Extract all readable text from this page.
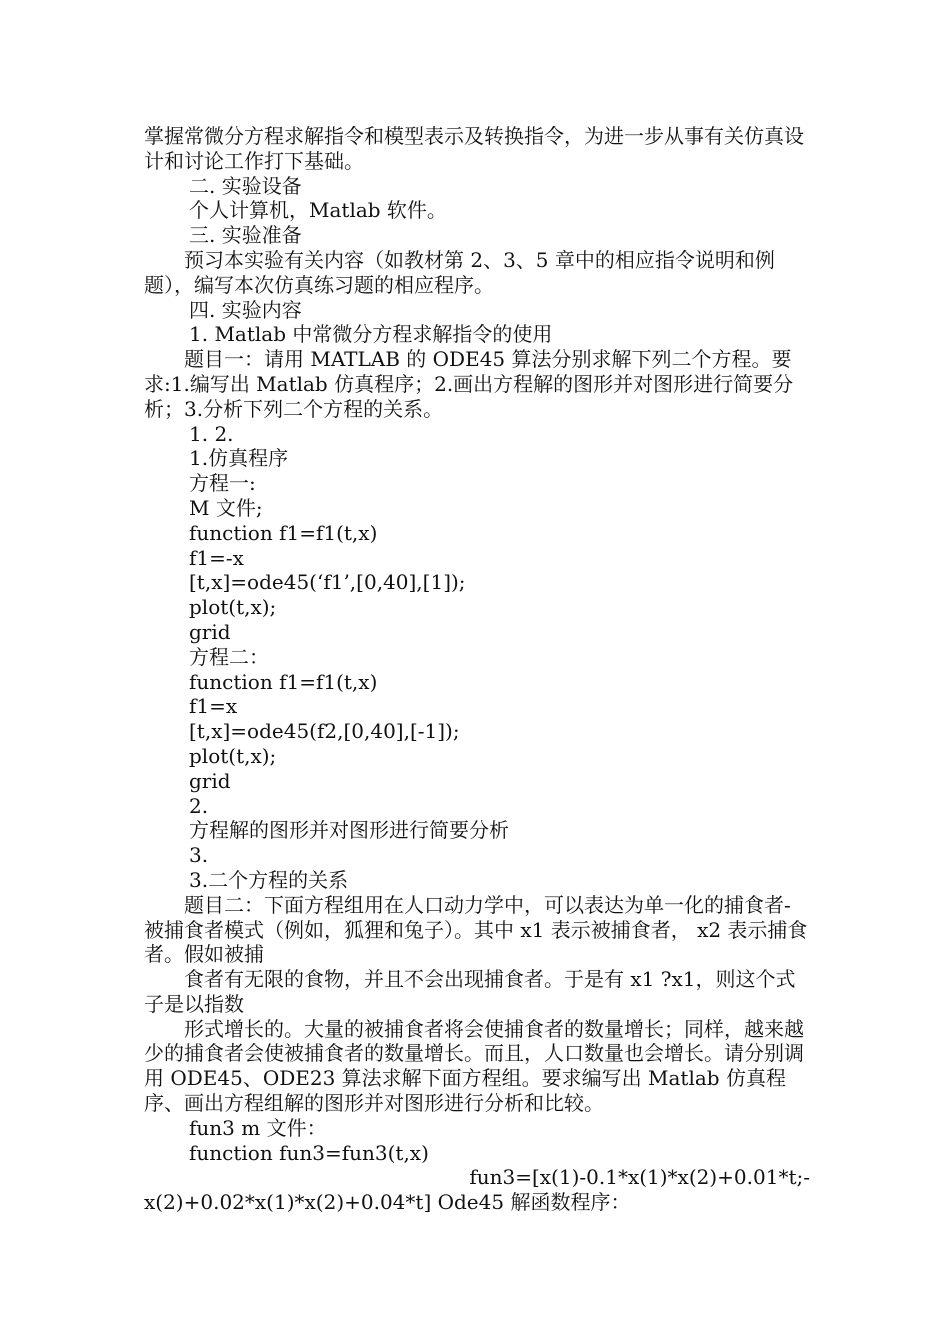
掌握常微分方程求解指令和模型表示及转换指令，为进一步从事有关仿真设计和讨论工作打下基础。

二. 实验设备

个人计算机，Matlab 软件。

三. 实验准备

预习本实验有关内容（如教材第 2、3、5 章中的相应指令说明和例题），编写本次仿真练习题的相应程序。

四. 实验内容

1. Matlab 中常微分方程求解指令的使用

题目一：请用 MATLAB 的 ODE45 算法分别求解下列二个方程。要求:1.编写出 Matlab 仿真程序；2.画出方程解的图形并对图形进行简要分析；3.分析下列二个方程的关系。

1. 2.

1.仿真程序

方程一:

M 文件;

function f1=f1(t,x)

f1=-x

[t,x]=ode45(‘f1’,[0,40],[1]);

plot(t,x);

grid

方程二：

function f1=f1(t,x)

f1=x

[t,x]=ode45(f2,[0,40],[-1]);

plot(t,x);

grid

2.

方程解的图形并对图形进行简要分析

3.

3.二个方程的关系

题目二：下面方程组用在人口动力学中，可以表达为单一化的捕食者-被捕食者模式（例如，狐狸和兔子）。其中 x1 表示被捕食者， x2 表示捕食者。假如被捕

食者有无限的食物，并且不会出现捕食者。于是有 x1 ?x1，则这个式子是以指数

形式增长的。大量的被捕食者将会使捕食者的数量增长；同样，越来越少的捕食者会使被捕食者的数量增长。而且，人口数量也会增长。请分别调用 ODE45、ODE23 算法求解下面方程组。要求编写出 Matlab 仿真程序、画出方程组解的图形并对图形进行分析和比较。

fun3 m 文件：

function fun3=fun3(t,x)

fun3=[x(1)-0.1*x(1)*x(2)+0.01*t;-

x(2)+0.02*x(1)*x(2)+0.04*t] Ode45 解函数程序：
